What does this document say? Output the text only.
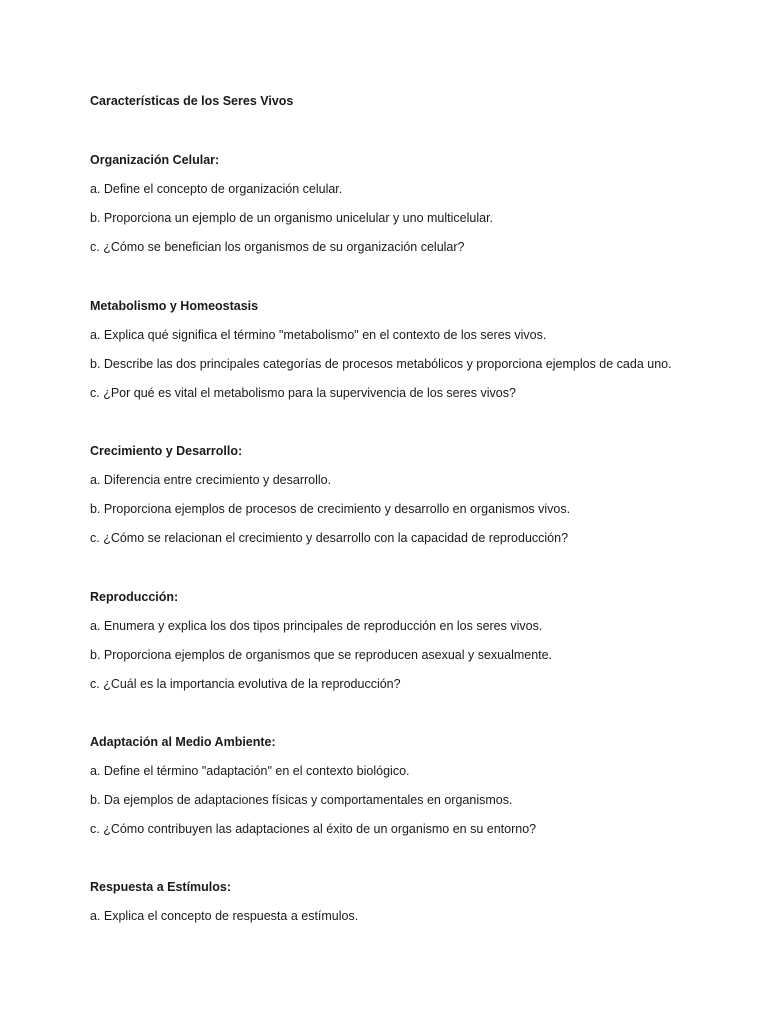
Características de los Seres Vivos
Organización Celular:
a. Define el concepto de organización celular.
b. Proporciona un ejemplo de un organismo unicelular y uno multicelular.
c. ¿Cómo se benefician los organismos de su organización celular?
Metabolismo y Homeostasis
a. Explica qué significa el término "metabolismo" en el contexto de los seres vivos.
b. Describe las dos principales categorías de procesos metabólicos y proporciona ejemplos de cada uno.
c. ¿Por qué es vital el metabolismo para la supervivencia de los seres vivos?
Crecimiento y Desarrollo:
a. Diferencia entre crecimiento y desarrollo.
b. Proporciona ejemplos de procesos de crecimiento y desarrollo en organismos vivos.
c. ¿Cómo se relacionan el crecimiento y desarrollo con la capacidad de reproducción?
Reproducción:
a. Enumera y explica los dos tipos principales de reproducción en los seres vivos.
b. Proporciona ejemplos de organismos que se reproducen asexual y sexualmente.
c. ¿Cuál es la importancia evolutiva de la reproducción?
Adaptación al Medio Ambiente:
a. Define el término "adaptación" en el contexto biológico.
b. Da ejemplos de adaptaciones físicas y comportamentales en organismos.
c. ¿Cómo contribuyen las adaptaciones al éxito de un organismo en su entorno?
Respuesta a Estímulos:
a. Explica el concepto de respuesta a estímulos.
